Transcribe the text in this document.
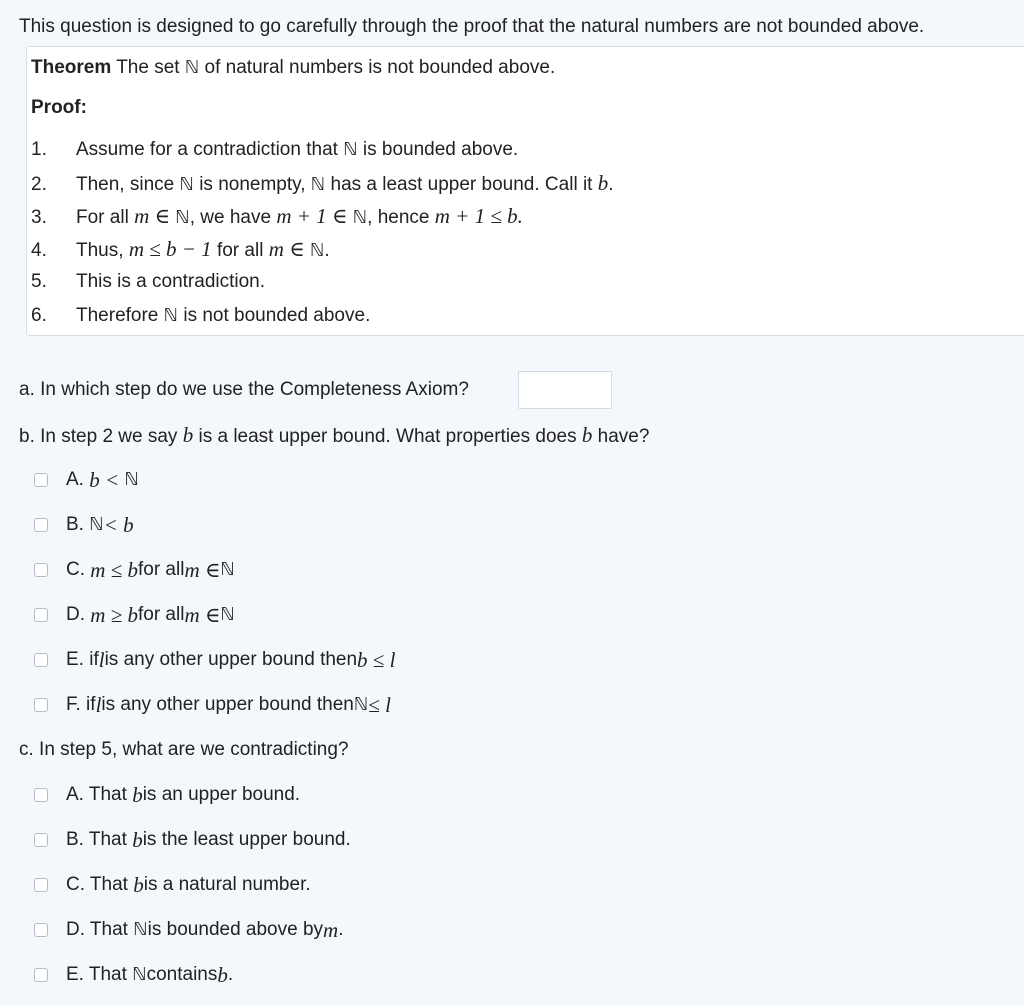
This question is designed to go carefully through the proof that the natural numbers are not bounded above.
Theorem The set ℕ of natural numbers is not bounded above.
Proof:
1. Assume for a contradiction that ℕ is bounded above.
2. Then, since ℕ is nonempty, ℕ has a least upper bound. Call it b.
3. For all m ∈ ℕ, we have m + 1 ∈ ℕ, hence m + 1 ≤ b.
4. Thus, m ≤ b − 1 for all m ∈ ℕ.
5. This is a contradiction.
6. Therefore ℕ is not bounded above.
a. In which step do we use the Completeness Axiom?
b. In step 2 we say b is a least upper bound. What properties does b have?
A.
b <
ℕ
B.
ℕ < b
C.
m ≤ b for all m ∈ ℕ
D.
m ≥ b for all m ∈ ℕ
E. if l is any other upper bound then b ≤ l
F. if l is any other upper bound then ℕ ≤ l
c. In step 5, what are we contradicting?
A. That
b is an upper bound.
B. That
b is the least upper bound.
C. That
b is a natural number.
D. That
ℕ is bounded above by m .
E. That
ℕ contains b .
